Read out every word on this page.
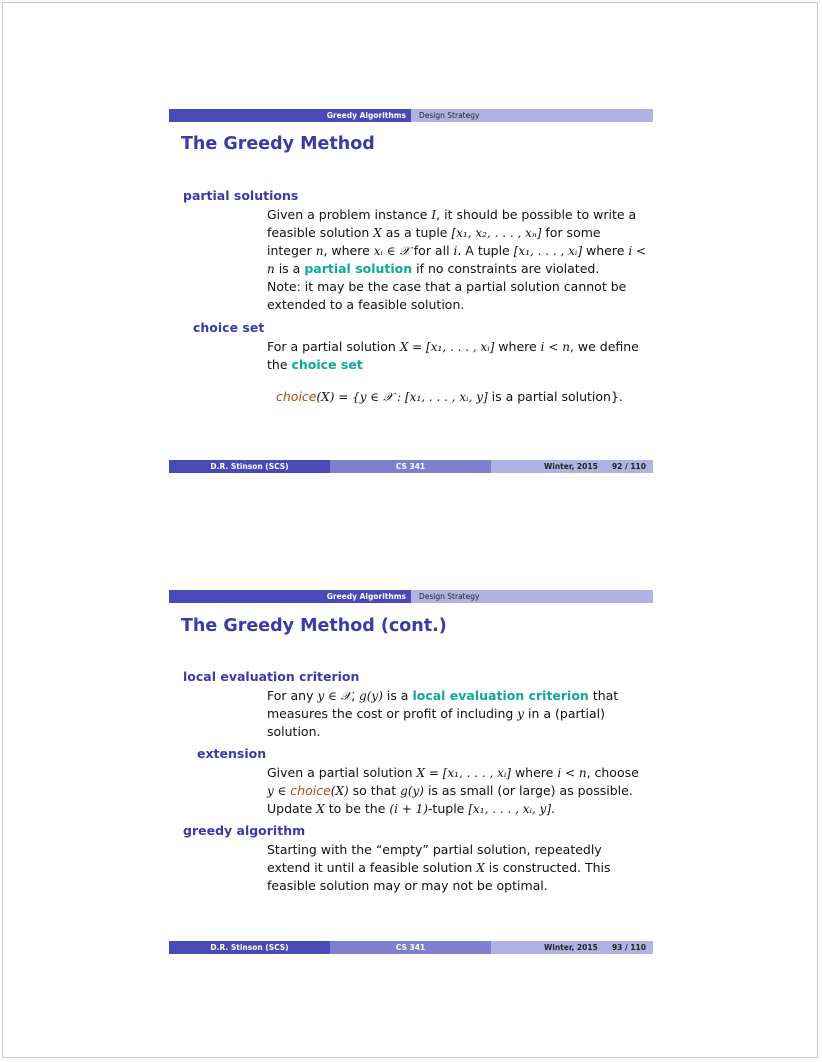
Greedy Algorithms	Design Strategy
The Greedy Method
partial solutions
Given a problem instance I, it should be possible to write a feasible solution X as a tuple [x₁, x₂, . . . , xₙ] for some integer n, where xᵢ ∈ 𝒳 for all i. A tuple [x₁, . . . , xᵢ] where i < n is a partial solution if no constraints are violated.
Note: it may be the case that a partial solution cannot be extended to a feasible solution.
choice set
For a partial solution X = [x₁, . . . , xᵢ] where i < n, we define the choice set
choice(X) = {y ∈ 𝒳 : [x₁, . . . , xᵢ, y] is a partial solution}.
D.R. Stinson (SCS)	CS 341	Winter, 2015 92 / 110
Greedy Algorithms	Design Strategy
The Greedy Method (cont.)
local evaluation criterion
For any y ∈ 𝒳, g(y) is a local evaluation criterion that measures the cost or profit of including y in a (partial) solution.
extension
Given a partial solution X = [x₁, . . . , xᵢ] where i < n, choose y ∈ choice(X) so that g(y) is as small (or large) as possible. Update X to be the (i + 1)-tuple [x₁, . . . , xᵢ, y].
greedy algorithm
Starting with the “empty” partial solution, repeatedly extend it until a feasible solution X is constructed. This feasible solution may or may not be optimal.
D.R. Stinson (SCS)	CS 341	Winter, 2015 93 / 110
